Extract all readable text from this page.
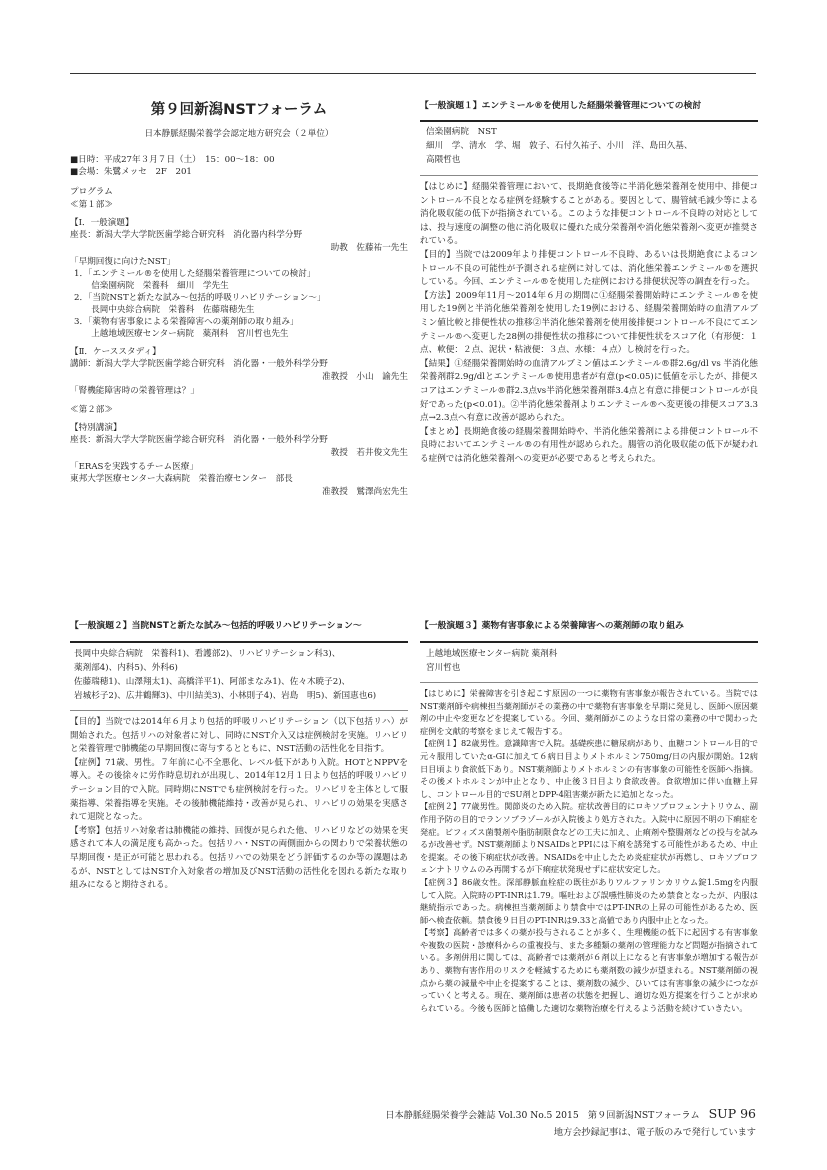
第９回新潟NSTフォーラム
日本静脈経腸栄養学会認定地方研究会（２単位）
■日時：平成27年３月７日（土）　15：00〜18：00
■会場：朱鷺メッセ　2F　201
プログラム
≪第１部≫
【Ⅰ．一般演題】
座長：新潟大学大学院医歯学総合研究科　消化器内科学分野
助教　佐藤祐一先生
「早期回復に向けたNST」
1．「エンテミール®を使用した経腸栄養管理についての検討」
　　信楽園病院　栄養科　細川　学先生
2．「当院NSTと新たな試み〜包括的呼吸リハビリテーション〜」
　　長岡中央綜合病院　栄養科　佐藤瑞穂先生
3．「薬物有害事象による栄養障害への薬剤師の取り組み」
　　上越地域医療センター病院　薬剤科　宮川哲也先生
【Ⅱ．ケーススタディ】
講師：新潟大学大学院医歯学総合研究科　消化器・一般外科学分野
准教授　小山　諭先生
「腎機能障害時の栄養管理は？」
≪第２部≫
【特別講演】
座長：新潟大学大学院医歯学総合研究科　消化器・一般外科学分野
教授　若井俊文先生
「ERASを実践するチーム医療」
東邦大学医療センター大森病院　栄養治療センター　部長
准教授　鷲澤尚宏先生
【一般演題１】エンテミール®を使用した経腸栄養管理についての検討
信楽園病院　NST
細川　学、清水　学、堀　敦子、石付久祐子、小川　洋、島田久基、
高隈哲也

【はじめに】経腸栄養管理において、長期絶食後等に半消化態栄養剤を使用中、排便コントロール不良となる症例を経験することがある。要因として、腸管絨毛減少等による消化吸収能の低下が指摘されている。このような排便コントロール不良時の対応としては、投与速度の調整の他に消化吸収に優れた成分栄養剤や消化態栄養剤へ変更が推奨されている。

【目的】当院では2009年より排便コントロール不良時、あるいは長期絶食によるコントロール不良の可能性が予測される症例に対しては、消化態栄養エンテミール®を選択している。今回、エンテミール®を使用した症例における排便状況等の調査を行った。

【方法】2009年11月〜2014年６月の期間に①経腸栄養開始時にエンテミール®を使用した19例と半消化態栄養剤を使用した19例における、経腸栄養開始時の血清アルブミン値比較と排便性状の推移②半消化態栄養剤を使用後排便コントロール不良にてエンテミール®へ変更した28例の排便性状の推移について排便性状をスコア化（有形便：１点、軟便：２点、泥状・粘液便：３点、水様：４点）し検討を行った。

【結果】①経腸栄養開始時の血清アルブミン値はエンテミール®群2.6g/dl vs 半消化態栄養剤群2.9g/dlとエンテミール®使用患者が有意(p<0.05)に低値を示したが、排便スコアはエンテミール®群2.3点vs半消化態栄養剤群3.4点と有意に排便コントロールが良好であった(p<0.01)。②半消化態栄養剤よりエンテミール®へ変更後の排便スコア3.3点→2.3点へ有意に改善が認められた。

【まとめ】長期絶食後の経腸栄養開始時や、半消化態栄養剤による排便コントロール不良時においてエンテミール®の有用性が認められた。腸管の消化吸収能の低下が疑われる症例では消化態栄養剤への変更が必要であると考えられた。

【一般演題２】当院NSTと新たな試み〜包括的呼吸リハビリテーション〜
長岡中央綜合病院　栄養科1)、看護部2)、リハビリテーション科3)、
薬剤部4)、内科5)、外科6)
佐藤瑞穂1)、山澤翔太1)、高橋洋平1)、阿部まなみ1)、佐々木暁子2)、
岩城杉子2)、広井鶴輝3)、中川結美3)、小林則子4)、岩島　明5)、新国恵也6)

【目的】当院では2014年６月より包括的呼吸リハビリテーション（以下包括リハ）が開始された。包括リハの対象者に対し、同時にNST介入又は症例検討を実施。リハビリと栄養管理で肺機能の早期回復に寄与するとともに、NST活動の活性化を目指す。

【症例】71歳、男性。７年前に心不全悪化、レベル低下があり入院。HOTとNPPVを導入。その後徐々に労作時息切れが出現し、2014年12月１日より包括的呼吸リハビリテーション目的で入院。同時期にNSTでも症例検討を行った。リハビリを主体として服薬指導、栄養指導を実施。その後肺機能維持・改善が見られ、リハビリの効果を実感されて退院となった。

【考察】包括リハ対象者は肺機能の維持、回復が見られた他、リハビリなどの効果を実感されて本人の満足度も高かった。包括リハ・NSTの両側面からの関わりで栄養状態の早期回復・是正が可能と思われる。包括リハでの効果をどう評価するのか等の課題はあるが、NSTとしてはNST介入対象者の増加及びNST活動の活性化を図れる新たな取り組みになると期待される。

【一般演題３】薬物有害事象による栄養障害への薬剤師の取り組み
上越地域医療センター病院 薬剤科
宮川哲也

【はじめに】栄養障害を引き起こす原因の一つに薬物有害事象が報告されている。当院ではNST薬剤師や病棟担当薬剤師がその業務の中で薬物有害事象を早期に発見し、医師へ原因薬剤の中止や変更などを提案している。今回、薬剤師がこのような日常の業務の中で関わった症例を文献的考察をまじえて報告する。

【症例１】82歳男性。意識障害で入院。基礎疾患に糖尿病があり、血糖コントロール目的で元々服用していたα-GIに加えて６病日目よりメトホルミン750mg/日の内服が開始。12病日目頃より食欲低下あり。NST薬剤師よりメトホルミンの有害事象の可能性を医師へ指摘。その後メトホルミンが中止となり、中止後３日目より食欲改善。食欲増加に伴い血糖上昇し、コントロール目的でSU剤とDPP-4阻害薬が新たに追加となった。

【症例２】77歳男性。関節炎のため入院。症状改善目的にロキソプロフェンナトリウム、副作用予防の目的でランソプラゾールが入院後より処方された。入院中に原因不明の下痢症を発症。ビフィズス菌製剤や脂肪制限食などの工夫に加え、止痢剤や整腸剤などの投与を試みるが改善せず。NST薬剤師よりNSAIDsとPPIには下痢を誘発する可能性があるため、中止を提案。その後下痢症状が改善。NSAIDsを中止したため炎症症状が再燃し、ロキソプロフェンナトリウムのみ再開するが下痢症状発現せずに症状安定した。

【症例３】86歳女性。深部静脈血栓症の既往がありワルファリンカリウム錠1.5mgを内服して入院。入院時のPT-INRは1.79。嘔吐および誤嚥性肺炎のため禁食となったが、内服は継続指示であった。病棟担当薬剤師より禁食中ではPT-INRの上昇の可能性があるため、医師へ検査依頼。禁食後９日目のPT-INRは9.33と高値であり内服中止となった。

【考察】高齢者では多くの薬が投与されることが多く、生理機能の低下に起因する有害事象や複数の医院・診療科からの重複投与、また多種類の薬剤の管理能力など問題が指摘されている。多剤併用に関しては、高齢者では薬剤が６剤以上になると有害事象が増加する報告があり、薬物有害作用のリスクを軽減するためにも薬剤数の減少が望まれる。NST薬剤師の視点から薬の減量や中止を提案することは、薬剤数の減少、ひいては有害事象の減少につながっていくと考える。現在、薬剤師は患者の状態を把握し、適切な処方提案を行うことが求められている。今後も医師と協働した適切な薬物治療を行えるよう活動を続けていきたい。

日本静脈経腸栄養学会雑誌 Vol.30 No.5 2015　第９回新潟NSTフォーラム SUP 96
地方会抄録記事は、電子版のみで発行しています
